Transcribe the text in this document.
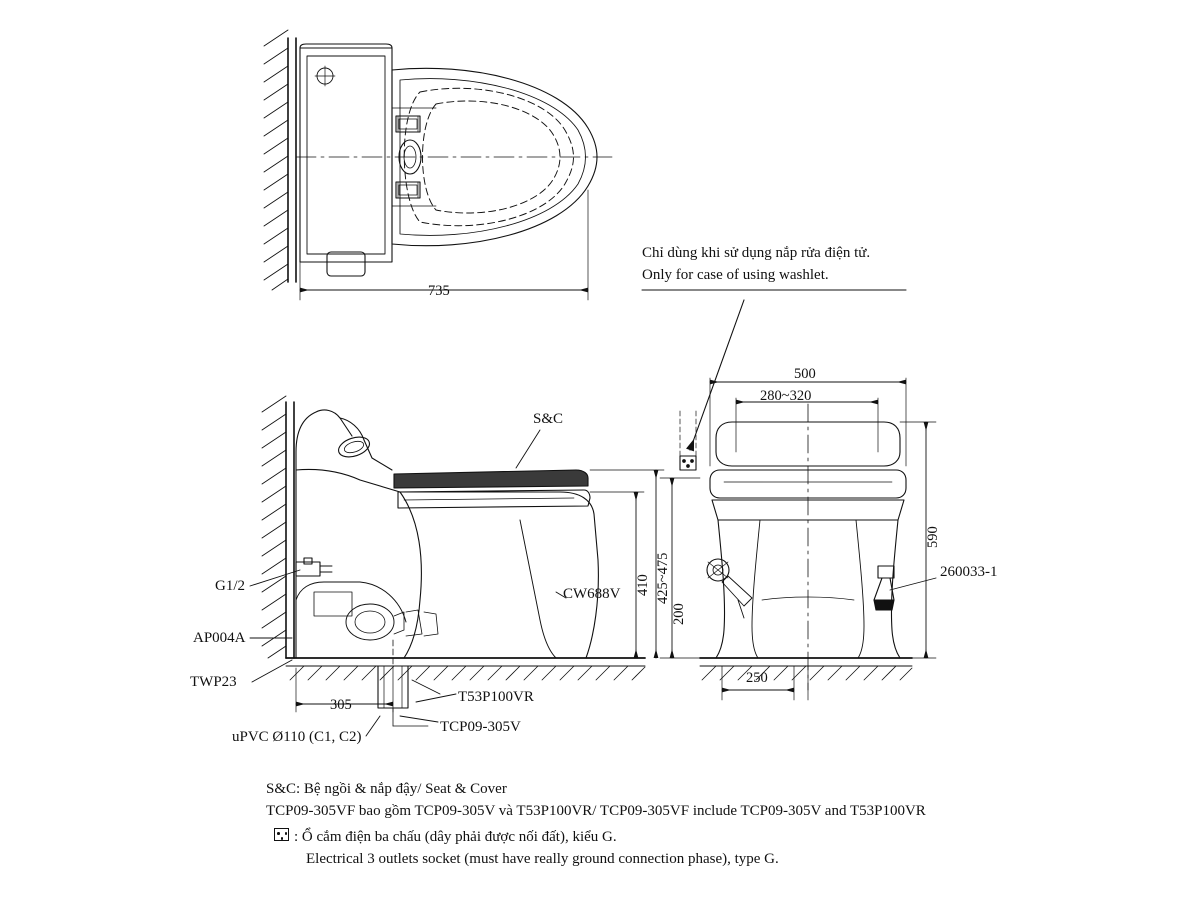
735
Chỉ dùng khi sử dụng nắp rửa điện tử.
Only for case of using washlet.
S&C
CW688V
G1/2
AP004A
TWP23
T53P100VR
TCP09-305V
uPVC Ø110 (C1, C2)
410 425~475
305
500
280~320
590
200
250
260033-1
S&C: Bệ ngồi & nắp đậy/ Seat & Cover
TCP09-305VF bao gồm TCP09-305V và T53P100VR/ TCP09-305VF include TCP09-305V and T53P100VR
: Ổ cắm điện ba chấu (dây phải được nối đất), kiểu G.
Electrical 3 outlets socket (must have really ground connection phase), type G.
